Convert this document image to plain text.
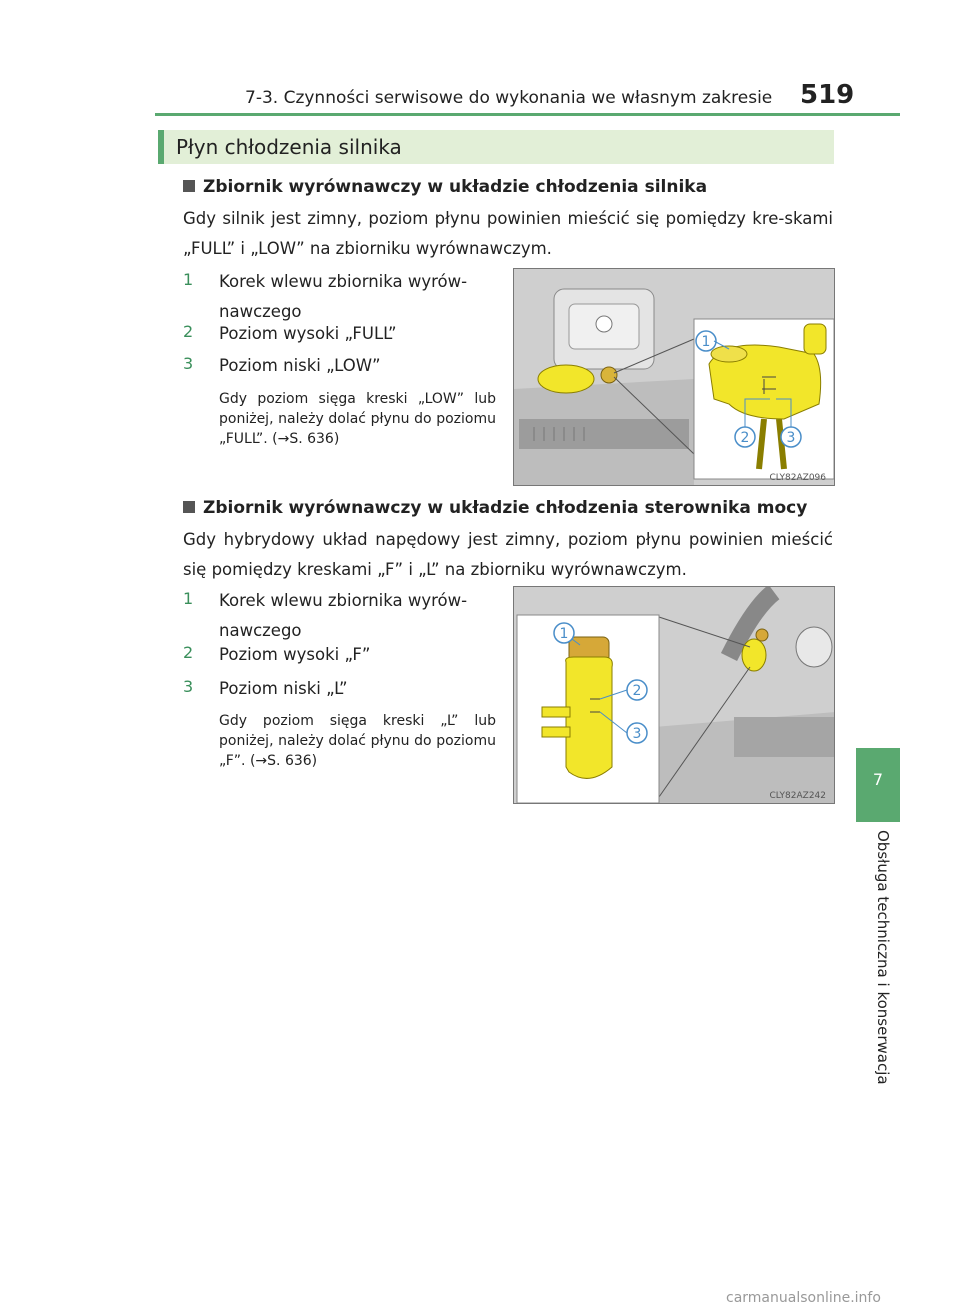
7-3. Czynności serwisowe do wykonania we własnym zakresie 519
Płyn chłodzenia silnika
Zbiornik wyrównawczy w układzie chłodzenia silnika
Gdy silnik jest zimny, poziom płynu powinien mieścić się pomiędzy kre-skami „FULL” i „LOW” na zbiorniku wyrównawczym.
1 Korek wlewu zbiornika wyrów-nawczego
2 Poziom wysoki „FULL”
3 Poziom niski „LOW”
Gdy poziom sięga kreski „LOW” lub poniżej, należy dolać płynu do poziomu „FULL”. (→S. 636)
1
2	3
CLY82AZ096
Zbiornik wyrównawczy w układzie chłodzenia sterownika mocy
Gdy hybrydowy układ napędowy jest zimny, poziom płynu powinien mieścić się pomiędzy kreskami „F” i „L” na zbiorniku wyrównawczym.
1 Korek wlewu zbiornika wyrów-nawczego
2 Poziom wysoki „F”
3 Poziom niski „L”
Gdy poziom sięga kreski „L” lub poniżej, należy dolać płynu do poziomu „F”. (→S. 636)
1
2
3
CLY82AZ242
7
Obsługa techniczna i konserwacja
carmanualsonline.info
